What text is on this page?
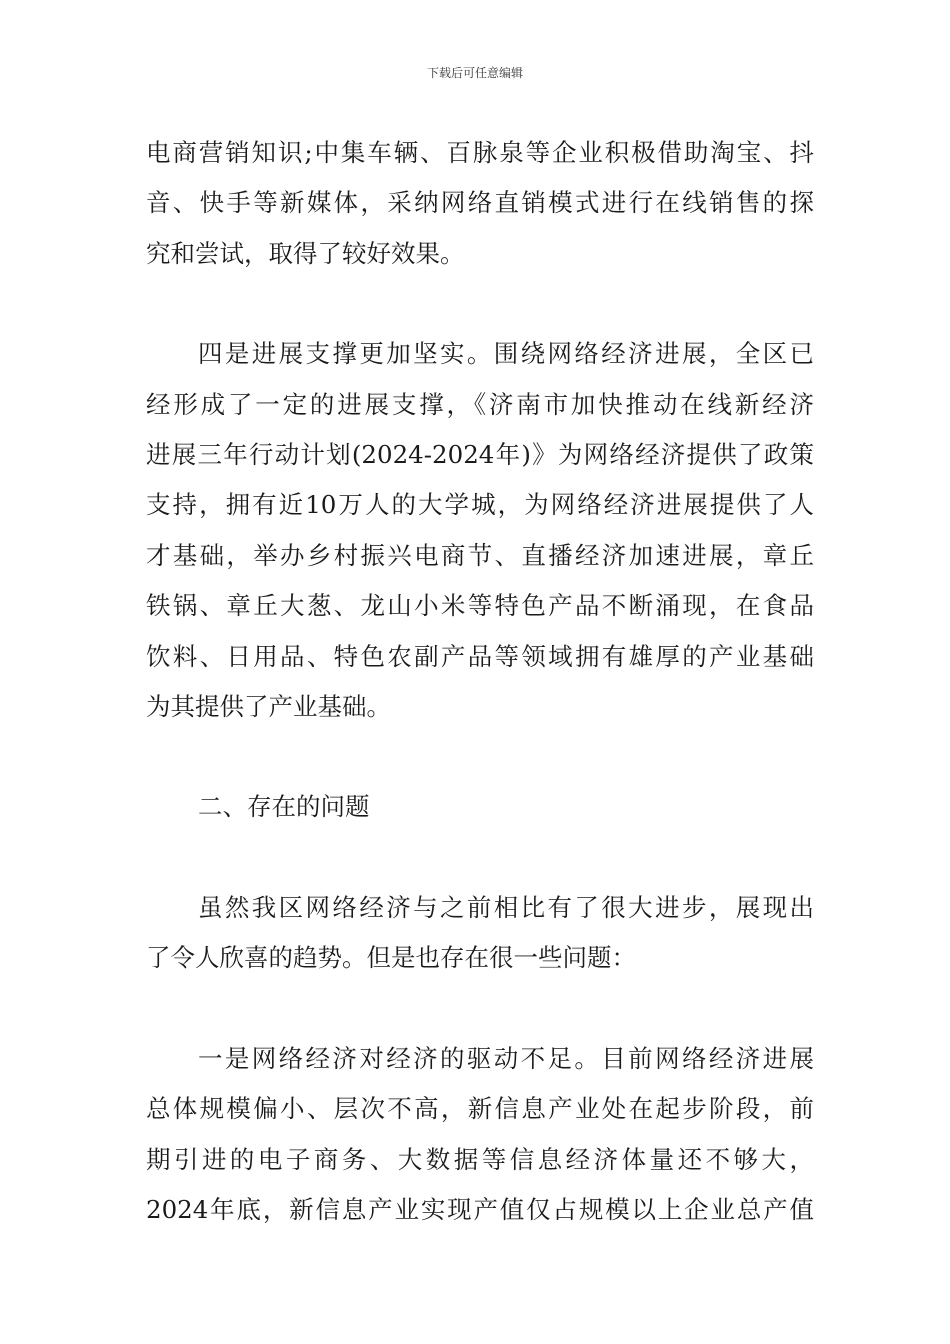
下载后可任意编辑

电商营销知识;中集车辆、百脉泉等企业积极借助淘宝、抖
音、快手等新媒体，采纳网络直销模式进行在线销售的探
究和尝试，取得了较好效果。

四是进展支撑更加坚实。围绕网络经济进展，全区已
经形成了一定的进展支撑，《济南市加快推动在线新经济
进展三年行动计划(2024-2024年)》为网络经济提供了政策
支持，拥有近10万人的大学城，为网络经济进展提供了人
才基础，举办乡村振兴电商节、直播经济加速进展，章丘
铁锅、章丘大葱、龙山小米等特色产品不断涌现，在食品
饮料、日用品、特色农副产品等领域拥有雄厚的产业基础
为其提供了产业基础。

二、存在的问题

虽然我区网络经济与之前相比有了很大进步，展现出
了令人欣喜的趋势。但是也存在很一些问题：

一是网络经济对经济的驱动不足。目前网络经济进展
总体规模偏小、层次不高，新信息产业处在起步阶段，前
期引进的电子商务、大数据等信息经济体量还不够大，
2024年底，新信息产业实现产值仅占规模以上企业总产值
